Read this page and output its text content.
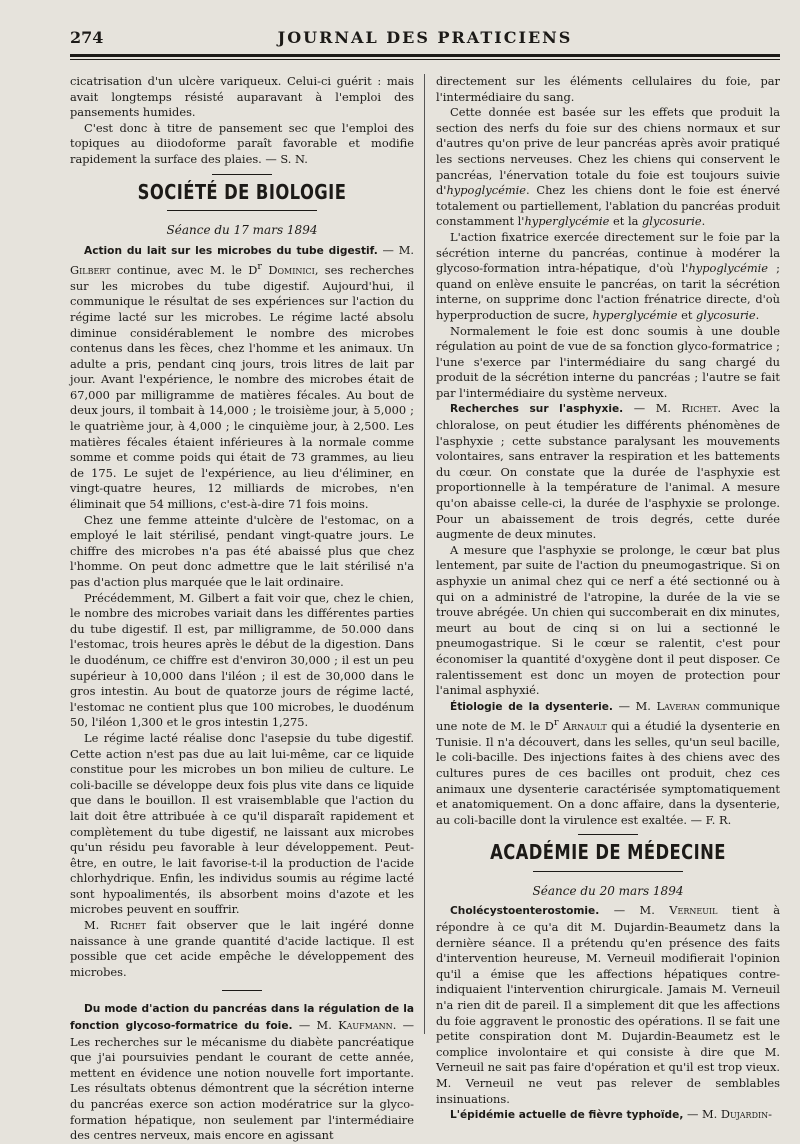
274	JOURNAL DES PRATICIENS

cicatrisation d'un ulcère variqueux. Celui-ci guérit : mais avait longtemps résisté auparavant à l'emploi des pansements humides.

C'est donc à titre de pansement sec que l'emploi des topiques au diiodoforme paraît favorable et modifie rapidement la surface des plaies. — S. N.

SOCIÉTÉ DE BIOLOGIE
Séance du 17 mars 1894

Action du lait sur les microbes du tube digestif. — M. Gilbert continue, avec M. le $D^r$ Dominici, ses recherches sur les microbes du tube digestif. Aujourd'hui, il communique le résultat de ses expériences sur l'action du régime lacté sur les microbes. Le régime lacté absolu diminue considérablement le nombre des microbes contenus dans les fèces, chez l'homme et les animaux. Un adulte a pris, pendant cinq jours, trois litres de lait par jour. Avant l'expérience, le nombre des microbes était de 67,000 par milligramme de matières fécales. Au bout de deux jours, il tombait à 14,000 ; le troisième jour, à 5,000 ; le quatrième jour, à 4,000 ; le cinquième jour, à 2,500. Les matières fécales étaient inférieures à la normale comme somme et comme poids qui était de 73 grammes, au lieu de 175. Le sujet de l'expérience, au lieu d'éliminer, en vingt-quatre heures, 12 milliards de microbes, n'en éliminait que 54 millions, c'est-à-dire 71 fois moins.

Chez une femme atteinte d'ulcère de l'estomac, on a employé le lait stérilisé, pendant vingt-quatre jours. Le chiffre des microbes n'a pas été abaissé plus que chez l'homme. On peut donc admettre que le lait stérilisé n'a pas d'action plus marquée que le lait ordinaire.

Précédemment, M. Gilbert a fait voir que, chez le chien, le nombre des microbes variait dans les différentes parties du tube digestif. Il est, par milligramme, de 50.000 dans l'estomac, trois heures après le début de la digestion. Dans le duodénum, ce chiffre est d'environ 30,000 ; il est un peu supérieur à 10,000 dans l'iléon ; il est de 30,000 dans le gros intestin. Au bout de quatorze jours de régime lacté, l'estomac ne contient plus que 100 microbes, le duodénum 50, l'iléon 1,300 et le gros intestin 1,275.

Le régime lacté réalise donc l'asepsie du tube digestif. Cette action n'est pas due au lait lui-même, car ce liquide constitue pour les microbes un bon milieu de culture. Le coli-bacille se développe deux fois plus vite dans ce liquide que dans le bouillon. Il est vraisemblable que l'action du lait doit être attribuée à ce qu'il disparaît rapidement et complètement du tube digestif, ne laissant aux microbes qu'un résidu peu favorable à leur développement. Peut-être, en outre, le lait favorise-t-il la production de l'acide chlorhydrique. Enfin, les individus soumis au régime lacté sont hypoalimentés, ils absorbent moins d'azote et les microbes peuvent en souffrir.

M. Richet fait observer que le lait ingéré donne naissance à une grande quantité d'acide lactique. Il est possible que cet acide empêche le développement des microbes.

Du mode d'action du pancréas dans la régulation de la fonction glycoso-formatrice du foie. — M. Kaufmann. — Les recherches sur le mécanisme du diabète pancréatique que j'ai poursuivies pendant le courant de cette année, mettent en évidence une notion nouvelle fort importante. Les résultats obtenus démontrent que la sécrétion interne du pancréas exerce son action modératrice sur la glyco-formation hépatique, non seulement par l'intermédiaire des centres nerveux, mais encore en agissant

directement sur les éléments cellulaires du foie, par l'intermédiaire du sang.

Cette donnée est basée sur les effets que produit la section des nerfs du foie sur des chiens normaux et sur d'autres qu'on prive de leur pancréas après avoir pratiqué les sections nerveuses. Chez les chiens qui conservent le pancréas, l'énervation totale du foie est toujours suivie d'hypoglycémie. Chez les chiens dont le foie est énervé totalement ou partiellement, l'ablation du pancréas produit constamment l'hyperglycémie et la glycosurie.

L'action fixatrice exercée directement sur le foie par la sécrétion interne du pancréas, continue à modérer la glycoso-formation intra-hépatique, d'où l'hypoglycémie ; quand on enlève ensuite le pancréas, on tarit la sécrétion interne, on supprime donc l'action frénatrice directe, d'où hyperproduction de sucre, hyperglycémie et glycosurie.

Normalement le foie est donc soumis à une double régulation au point de vue de sa fonction glyco-formatrice ; l'une s'exerce par l'intermédiaire du sang chargé du produit de la sécrétion interne du pancréas ; l'autre se fait par l'intermédiaire du système nerveux.

Recherches sur l'asphyxie. — M. Richet. Avec la chloralose, on peut étudier les différents phénomènes de l'asphyxie ; cette substance paralysant les mouvements volontaires, sans entraver la respiration et les battements du cœur. On constate que la durée de l'asphyxie est proportionnelle à la température de l'animal. A mesure qu'on abaisse celle-ci, la durée de l'asphyxie se prolonge. Pour un abaissement de trois degrés, cette durée augmente de deux minutes.

A mesure que l'asphyxie se prolonge, le cœur bat plus lentement, par suite de l'action du pneumogastrique. Si on asphyxie un animal chez qui ce nerf a été sectionné ou à qui on a administré de l'atropine, la durée de la vie se trouve abrégée. Un chien qui succomberait en dix minutes, meurt au bout de cinq si on lui a sectionné le pneumogastrique. Si le cœur se ralentit, c'est pour économiser la quantité d'oxygène dont il peut disposer. Ce ralentissement est donc un moyen de protection pour l'animal asphyxié.

Étiologie de la dysenterie. — M. Laveran communique une note de M. le $D^r$ Arnault qui a étudié la dysenterie en Tunisie. Il n'a découvert, dans les selles, qu'un seul bacille, le coli-bacille. Des injections faites à des chiens avec des cultures pures de ces bacilles ont produit, chez ces animaux une dysenterie caractérisée symptomatiquement et anatomiquement. On a donc affaire, dans la dysenterie, au coli-bacille dont la virulence est exaltée. — F. R.

ACADÉMIE DE MÉDECINE
Séance du 20 mars 1894

Cholécystoenterostomie. — M. Verneuil tient à répondre à ce qu'a dit M. Dujardin-Beaumetz dans la dernière séance. Il a prétendu qu'en présence des faits d'intervention heureuse, M. Verneuil modifierait l'opinion qu'il a émise que les affections hépatiques contre-indiquaient l'intervention chirurgicale. Jamais M. Verneuil n'a rien dit de pareil. Il a simplement dit que les affections du foie aggravent le pronostic des opérations. Il se fait une petite conspiration dont M. Dujardin-Beaumetz est le complice involontaire et qui consiste à dire que M. Verneuil ne sait pas faire d'opération et qu'il est trop vieux. M. Verneuil ne veut pas relever de semblables insinuations.

L'épidémie actuelle de fièvre typhoïde, — M. Dujardin-
